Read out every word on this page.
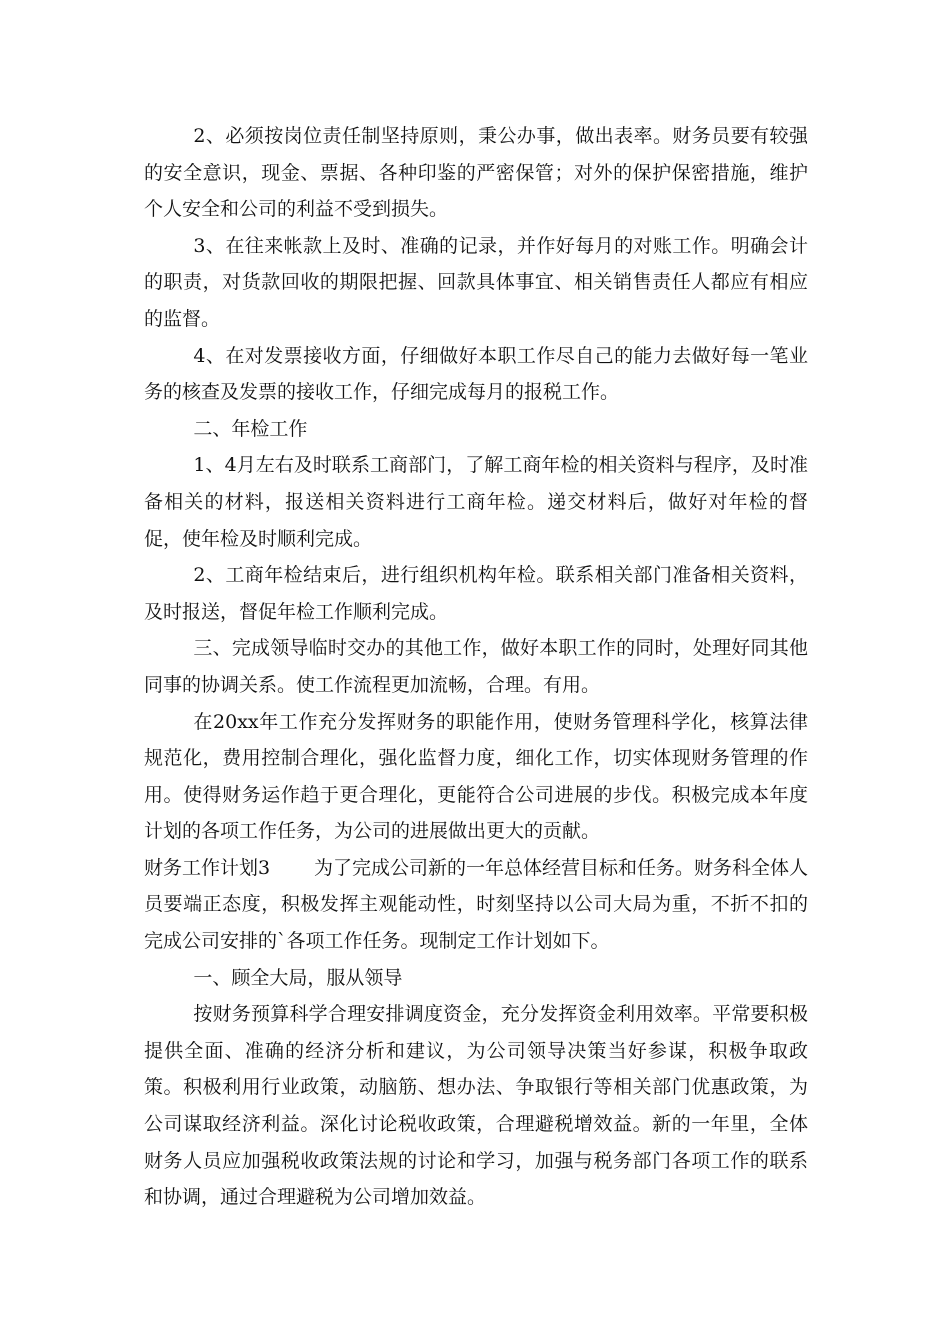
2、必须按岗位责任制坚持原则，秉公办事，做出表率。财务员要有较强的安全意识，现金、票据、各种印鉴的严密保管；对外的保护保密措施，维护个人安全和公司的利益不受到损失。

3、在往来帐款上及时、准确的记录，并作好每月的对账工作。明确会计的职责，对货款回收的期限把握、回款具体事宜、相关销售责任人都应有相应的监督。

4、在对发票接收方面，仔细做好本职工作尽自己的能力去做好每一笔业务的核查及发票的接收工作，仔细完成每月的报税工作。

二、年检工作

1、4月左右及时联系工商部门，了解工商年检的相关资料与程序，及时准备相关的材料，报送相关资料进行工商年检。递交材料后，做好对年检的督促，使年检及时顺利完成。

2、工商年检结束后，进行组织机构年检。联系相关部门准备相关资料，及时报送，督促年检工作顺利完成。

三、完成领导临时交办的其他工作，做好本职工作的同时，处理好同其他同事的协调关系。使工作流程更加流畅，合理。有用。

在20xx年工作充分发挥财务的职能作用，使财务管理科学化，核算法律规范化，费用控制合理化，强化监督力度，细化工作，切实体现财务管理的作用。使得财务运作趋于更合理化，更能符合公司进展的步伐。积极完成本年度计划的各项工作任务，为公司的进展做出更大的贡献。

财务工作计划3 为了完成公司新的一年总体经营目标和任务。财务科全体人员要端正态度，积极发挥主观能动性，时刻坚持以公司大局为重，不折不扣的完成公司安排的`各项工作任务。现制定工作计划如下。

一、顾全大局，服从领导

按财务预算科学合理安排调度资金，充分发挥资金利用效率。平常要积极提供全面、准确的经济分析和建议，为公司领导决策当好参谋，积极争取政策。积极利用行业政策，动脑筋、想办法、争取银行等相关部门优惠政策，为公司谋取经济利益。深化讨论税收政策，合理避税增效益。新的一年里，全体财务人员应加强税收政策法规的讨论和学习，加强与税务部门各项工作的联系和协调，通过合理避税为公司增加效益。
